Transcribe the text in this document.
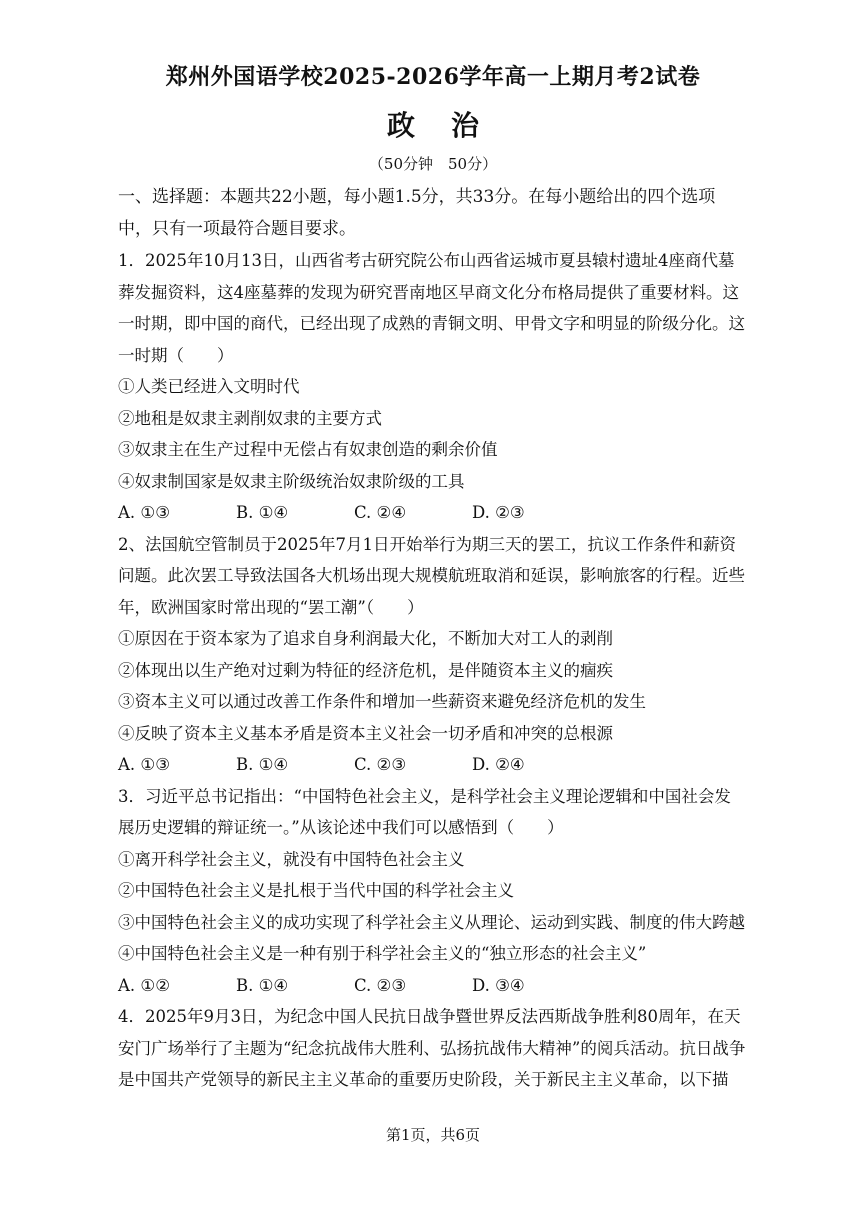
郑州外国语学校2025-2026学年高一上期月考2试卷
政治
（50分钟　50分）

一、选择题：本题共22小题，每小题1.5分，共33分。在每小题给出的四个选项中，只有一项最符合题目要求。

1．2025年10月13日，山西省考古研究院公布山西省运城市夏县辕村遗址4座商代墓葬发掘资料，这4座墓葬的发现为研究晋南地区早商文化分布格局提供了重要材料。这一时期，即中国的商代，已经出现了成熟的青铜文明、甲骨文字和明显的阶级分化。这一时期（　　）

①人类已经进入文明时代

②地租是奴隶主剥削奴隶的主要方式

③奴隶主在生产过程中无偿占有奴隶创造的剩余价值

④奴隶制国家是奴隶主阶级统治奴隶阶级的工具

A. ①③	B. ①④	C. ②④	D. ②③

2、法国航空管制员于2025年7月1日开始举行为期三天的罢工，抗议工作条件和薪资问题。此次罢工导致法国各大机场出现大规模航班取消和延误，影响旅客的行程。近些年，欧洲国家时常出现的“罢工潮”（　　）

①原因在于资本家为了追求自身利润最大化，不断加大对工人的剥削

②体现出以生产绝对过剩为特征的经济危机，是伴随资本主义的痼疾

③资本主义可以通过改善工作条件和增加一些薪资来避免经济危机的发生

④反映了资本主义基本矛盾是资本主义社会一切矛盾和冲突的总根源

A. ①③	B. ①④	C. ②③	D. ②④

3．习近平总书记指出：“中国特色社会主义，是科学社会主义理论逻辑和中国社会发展历史逻辑的辩证统一。”从该论述中我们可以感悟到（　　）

①离开科学社会主义，就没有中国特色社会主义

②中国特色社会主义是扎根于当代中国的科学社会主义

③中国特色社会主义的成功实现了科学社会主义从理论、运动到实践、制度的伟大跨越

④中国特色社会主义是一种有别于科学社会主义的“独立形态的社会主义”

A. ①②	B. ①④	C. ②③	D. ③④

4．2025年9月3日，为纪念中国人民抗日战争暨世界反法西斯战争胜利80周年，在天安门广场举行了主题为“纪念抗战伟大胜利、弘扬抗战伟大精神”的阅兵活动。抗日战争是中国共产党领导的新民主主义革命的重要历史阶段，关于新民主主义革命，以下描

第1页，共6页
